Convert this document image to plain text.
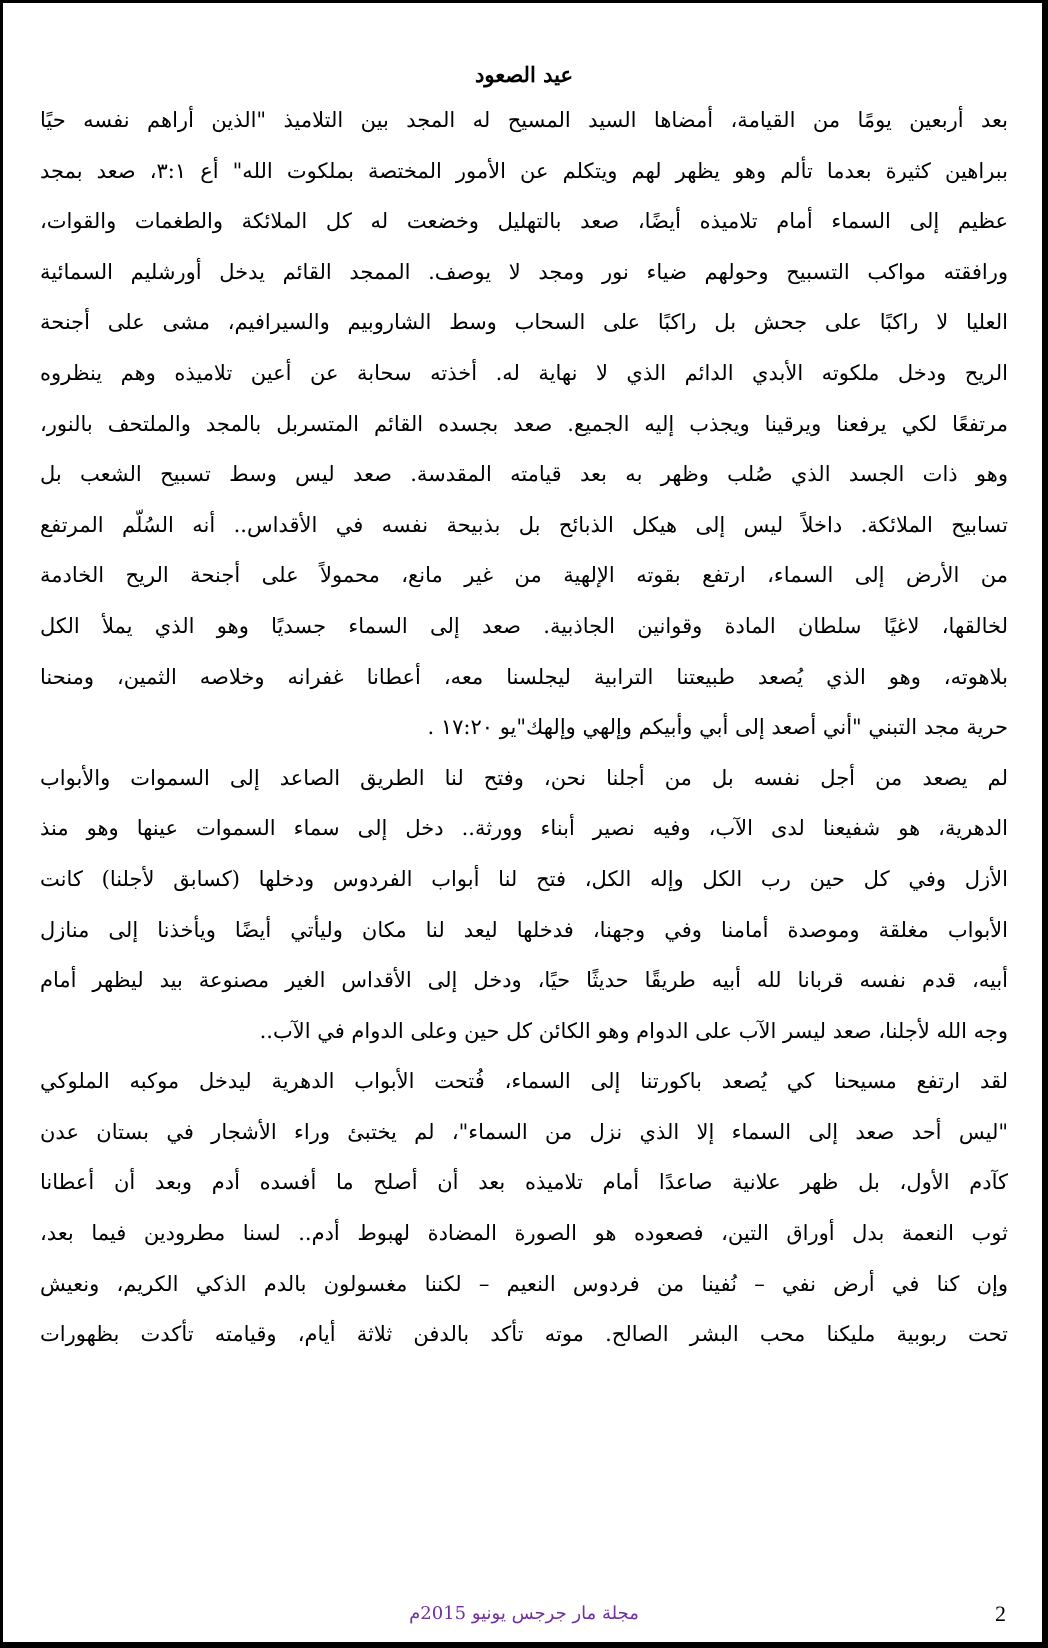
عيد الصعود
بعد أربعين يومًا من القيامة، أمضاها السيد المسيح له المجد بين التلاميذ "الذين أراهم نفسه حيًا
ببراهين كثيرة بعدما تألم وهو يظهر لهم ويتكلم عن الأمور المختصة بملكوت الله" أع ٣:١، صعد بمجد
عظيم إلى السماء أمام تلاميذه أيضًا، صعد بالتهليل وخضعت له كل الملائكة والطغمات والقوات،
ورافقته مواكب التسبيح وحولهم ضياء نور ومجد لا يوصف. الممجد القائم يدخل أورشليم السمائية
العليا لا راكبًا على جحش بل راكبًا على السحاب وسط الشاروبيم والسيرافيم، مشى على أجنحة
الريح ودخل ملكوته الأبدي الدائم الذي لا نهاية له. أخذته سحابة عن أعين تلاميذه وهم ينظروه
مرتفعًا لكي يرفعنا ويرقينا ويجذب إليه الجميع. صعد بجسده القائم المتسربل بالمجد والملتحف بالنور،
وهو ذات الجسد الذي صُلب وظهر به بعد قيامته المقدسة. صعد ليس وسط تسبيح الشعب بل
تسابيح الملائكة. داخلاً ليس إلى هيكل الذبائح بل بذبيحة نفسه في الأقداس.. أنه السُلّم المرتفع
من الأرض إلى السماء، ارتفع بقوته الإلهية من غير مانع، محمولاً على أجنحة الريح الخادمة
لخالقها، لاغيًا سلطان المادة وقوانين الجاذبية. صعد إلى السماء جسديًا وهو الذي يملأ الكل
بلاهوته، وهو الذي يُصعد طبيعتنا الترابية ليجلسنا معه، أعطانا غفرانه وخلاصه الثمين، ومنحنا
حرية مجد التبني "أني أصعد إلى أبي وأبيكم وإلهي وإلهك"يو ١٧:٢٠ .
لم يصعد من أجل نفسه بل من أجلنا نحن، وفتح لنا الطريق الصاعد إلى السموات والأبواب
الدهرية، هو شفيعنا لدى الآب، وفيه نصير أبناء وورثة.. دخل إلى سماء السموات عينها وهو منذ
الأزل وفي كل حين رب الكل وإله الكل، فتح لنا أبواب الفردوس ودخلها (كسابق لأجلنا) كانت
الأبواب مغلقة وموصدة أمامنا وفي وجهنا، فدخلها ليعد لنا مكان وليأتي أيضًا ويأخذنا إلى منازل
أبيه، قدم نفسه قربانا لله أبيه طريقًا حديثًا حيًا، ودخل إلى الأقداس الغير مصنوعة بيد ليظهر أمام
وجه الله لأجلنا، صعد ليسر الآب على الدوام وهو الكائن كل حين وعلى الدوام في الآب..
لقد ارتفع مسيحنا كي يُصعد باكورتنا إلى السماء، فُتحت الأبواب الدهرية ليدخل موكبه الملوكي
"ليس أحد صعد إلى السماء إلا الذي نزل من السماء"، لم يختبئ وراء الأشجار في بستان عدن
كآدم الأول، بل ظهر علانية صاعدًا أمام تلاميذه بعد أن أصلح ما أفسده أدم وبعد أن أعطانا
ثوب النعمة بدل أوراق التين، فصعوده هو الصورة المضادة لهبوط أدم.. لسنا مطرودين فيما بعد،
وإن كنا في أرض نفي – نُفينا من فردوس النعيم – لكننا مغسولون بالدم الذكي الكريم، ونعيش
تحت ربوبية مليكنا محب البشر الصالح. موته تأكد بالدفن ثلاثة أيام، وقيامته تأكدت بظهورات
مجلة مار جرجس يونيو 2015م	2
